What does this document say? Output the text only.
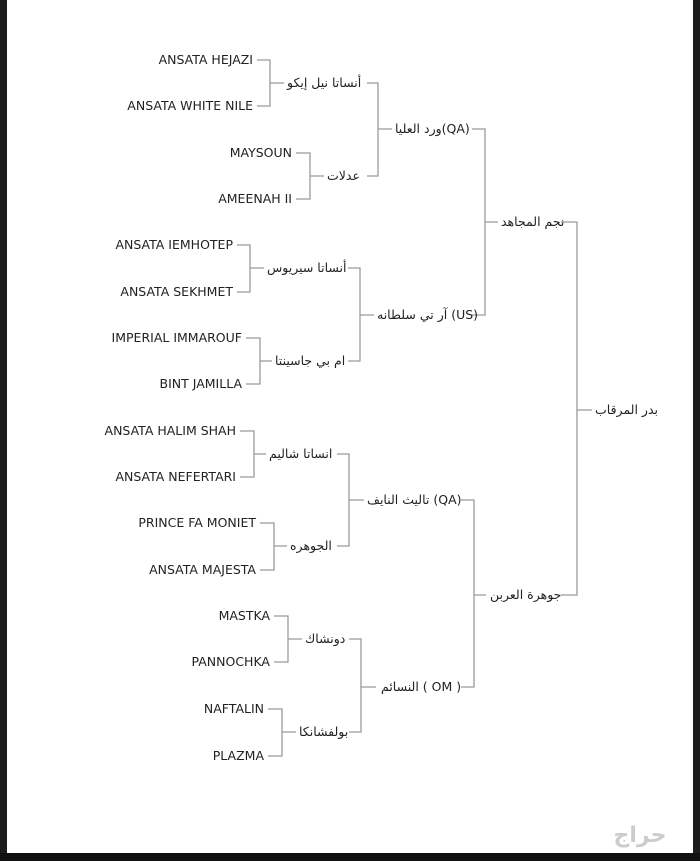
بدر المرقاب
نجم المجاهد
جوهرة العربن
ورد العليا(QA)
آر تي سلطانه (US)
تاليث النايف (QA)
النسائم ( OM )
أنساتا نيل إيكو
عدلات
أنساتا سيريوس
ام بي جاسينتا
انساتا شاليم
الجوهره
دونشاك
بولفشانكا
ANSATA HEJAZI
ANSATA WHITE NILE
MAYSOUN
AMEENAH II
ANSATA IEMHOTEP
ANSATA SEKHMET
IMPERIAL IMMAROUF
BINT JAMILLA
ANSATA HALIM SHAH
ANSATA NEFERTARI
PRINCE FA MONIET
ANSATA MAJESTA
MASTKA
PANNOCHKA
NAFTALIN
PLAZMA
حراج
